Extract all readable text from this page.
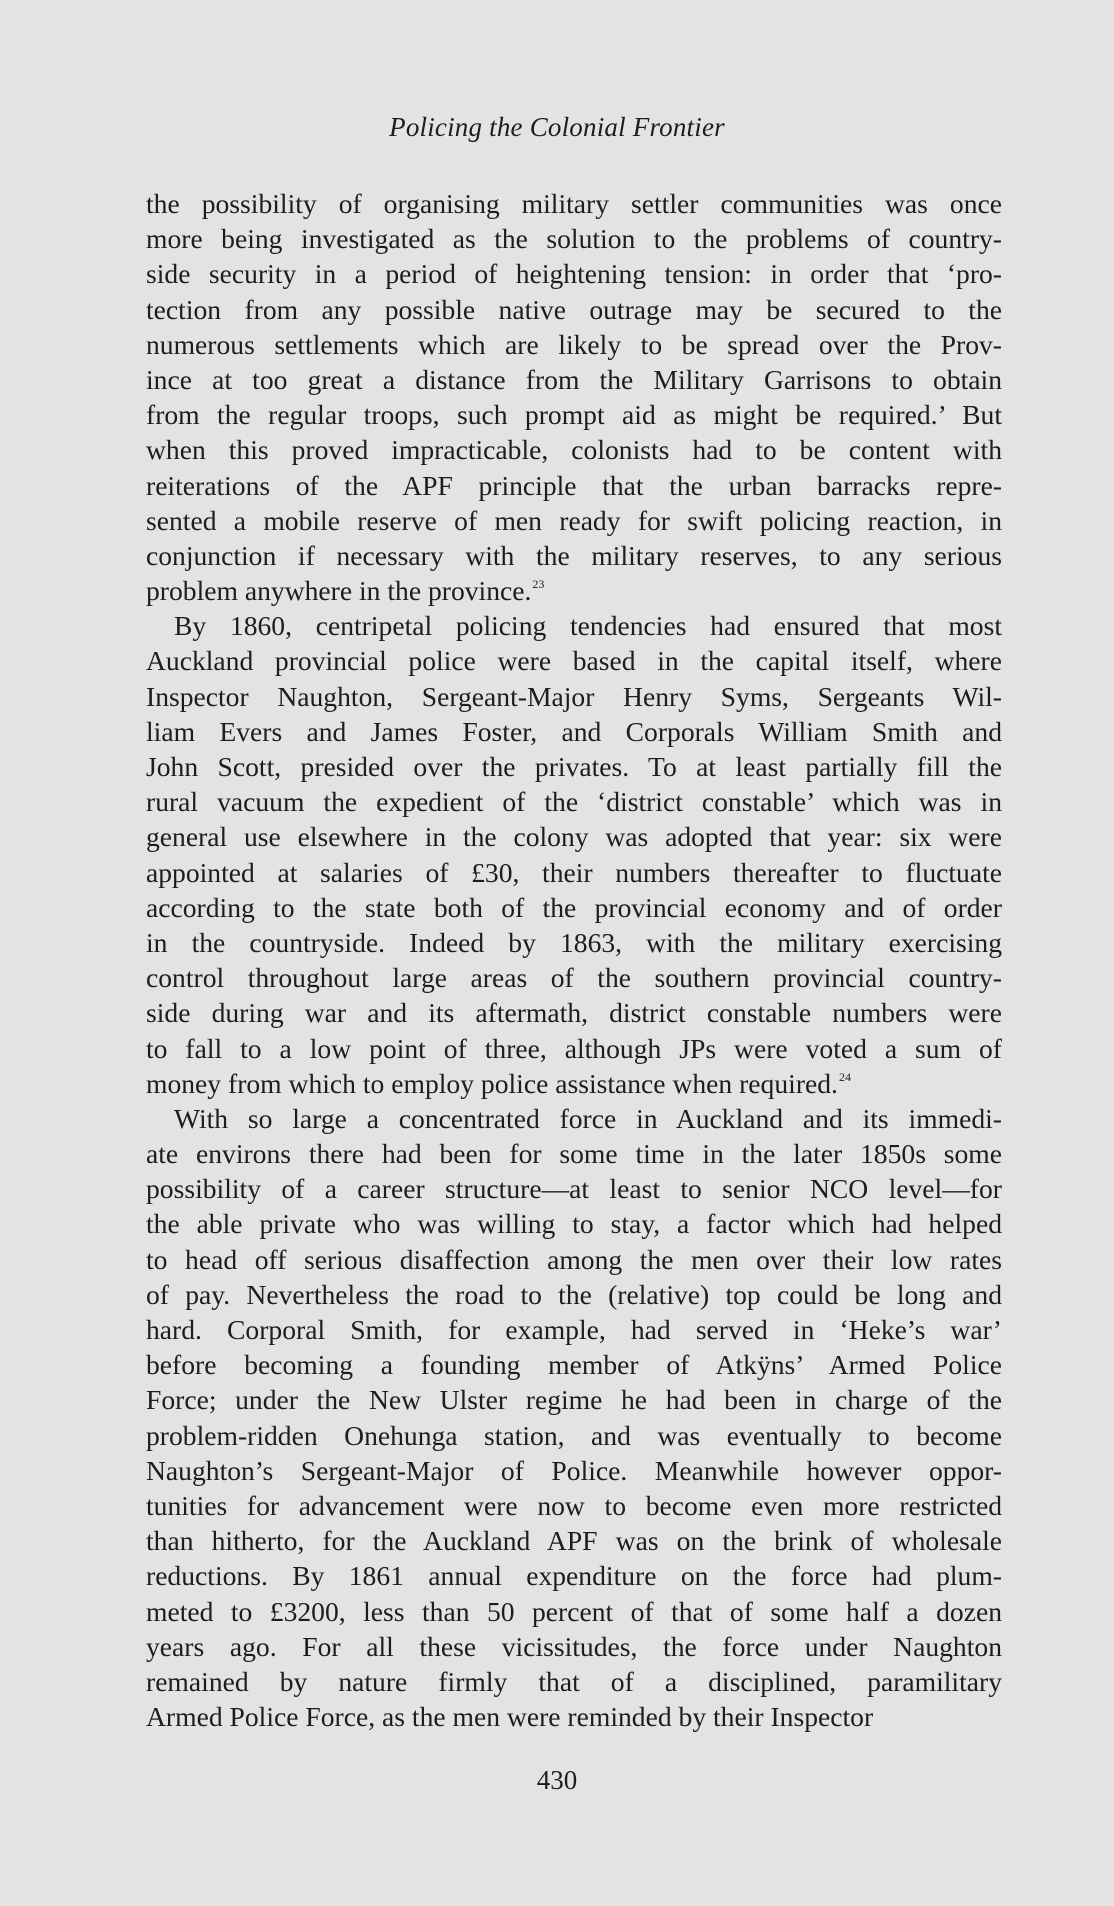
Policing the Colonial Frontier
the possibility of organising military settler communities was once
more being investigated as the solution to the problems of country-
side security in a period of heightening tension: in order that ‘pro-
tection from any possible native outrage may be secured to the
numerous settlements which are likely to be spread over the Prov-
ince at too great a distance from the Military Garrisons to obtain
from the regular troops, such prompt aid as might be required.’ But
when this proved impracticable, colonists had to be content with
reiterations of the APF principle that the urban barracks repre-
sented a mobile reserve of men ready for swift policing reaction, in
conjunction if necessary with the military reserves, to any serious
problem anywhere in the province.$^{23}$
By 1860, centripetal policing tendencies had ensured that most
Auckland provincial police were based in the capital itself, where
Inspector Naughton, Sergeant-Major Henry Syms, Sergeants Wil-
liam Evers and James Foster, and Corporals William Smith and
John Scott, presided over the privates. To at least partially fill the
rural vacuum the expedient of the ‘district constable’ which was in
general use elsewhere in the colony was adopted that year: six were
appointed at salaries of £30, their numbers thereafter to fluctuate
according to the state both of the provincial economy and of order
in the countryside. Indeed by 1863, with the military exercising
control throughout large areas of the southern provincial country-
side during war and its aftermath, district constable numbers were
to fall to a low point of three, although JPs were voted a sum of
money from which to employ police assistance when required.$^{24}$
With so large a concentrated force in Auckland and its immedi-
ate environs there had been for some time in the later 1850s some
possibility of a career structure—at least to senior NCO level—for
the able private who was willing to stay, a factor which had helped
to head off serious disaffection among the men over their low rates
of pay. Nevertheless the road to the (relative) top could be long and
hard. Corporal Smith, for example, had served in ‘Heke’s war’
before becoming a founding member of Atkÿns’ Armed Police
Force; under the New Ulster regime he had been in charge of the
problem-ridden Onehunga station, and was eventually to become
Naughton’s Sergeant-Major of Police. Meanwhile however oppor-
tunities for advancement were now to become even more restricted
than hitherto, for the Auckland APF was on the brink of wholesale
reductions. By 1861 annual expenditure on the force had plum-
meted to £3200, less than 50 percent of that of some half a dozen
years ago. For all these vicissitudes, the force under Naughton
remained by nature firmly that of a disciplined, paramilitary
Armed Police Force, as the men were reminded by their Inspector
430
